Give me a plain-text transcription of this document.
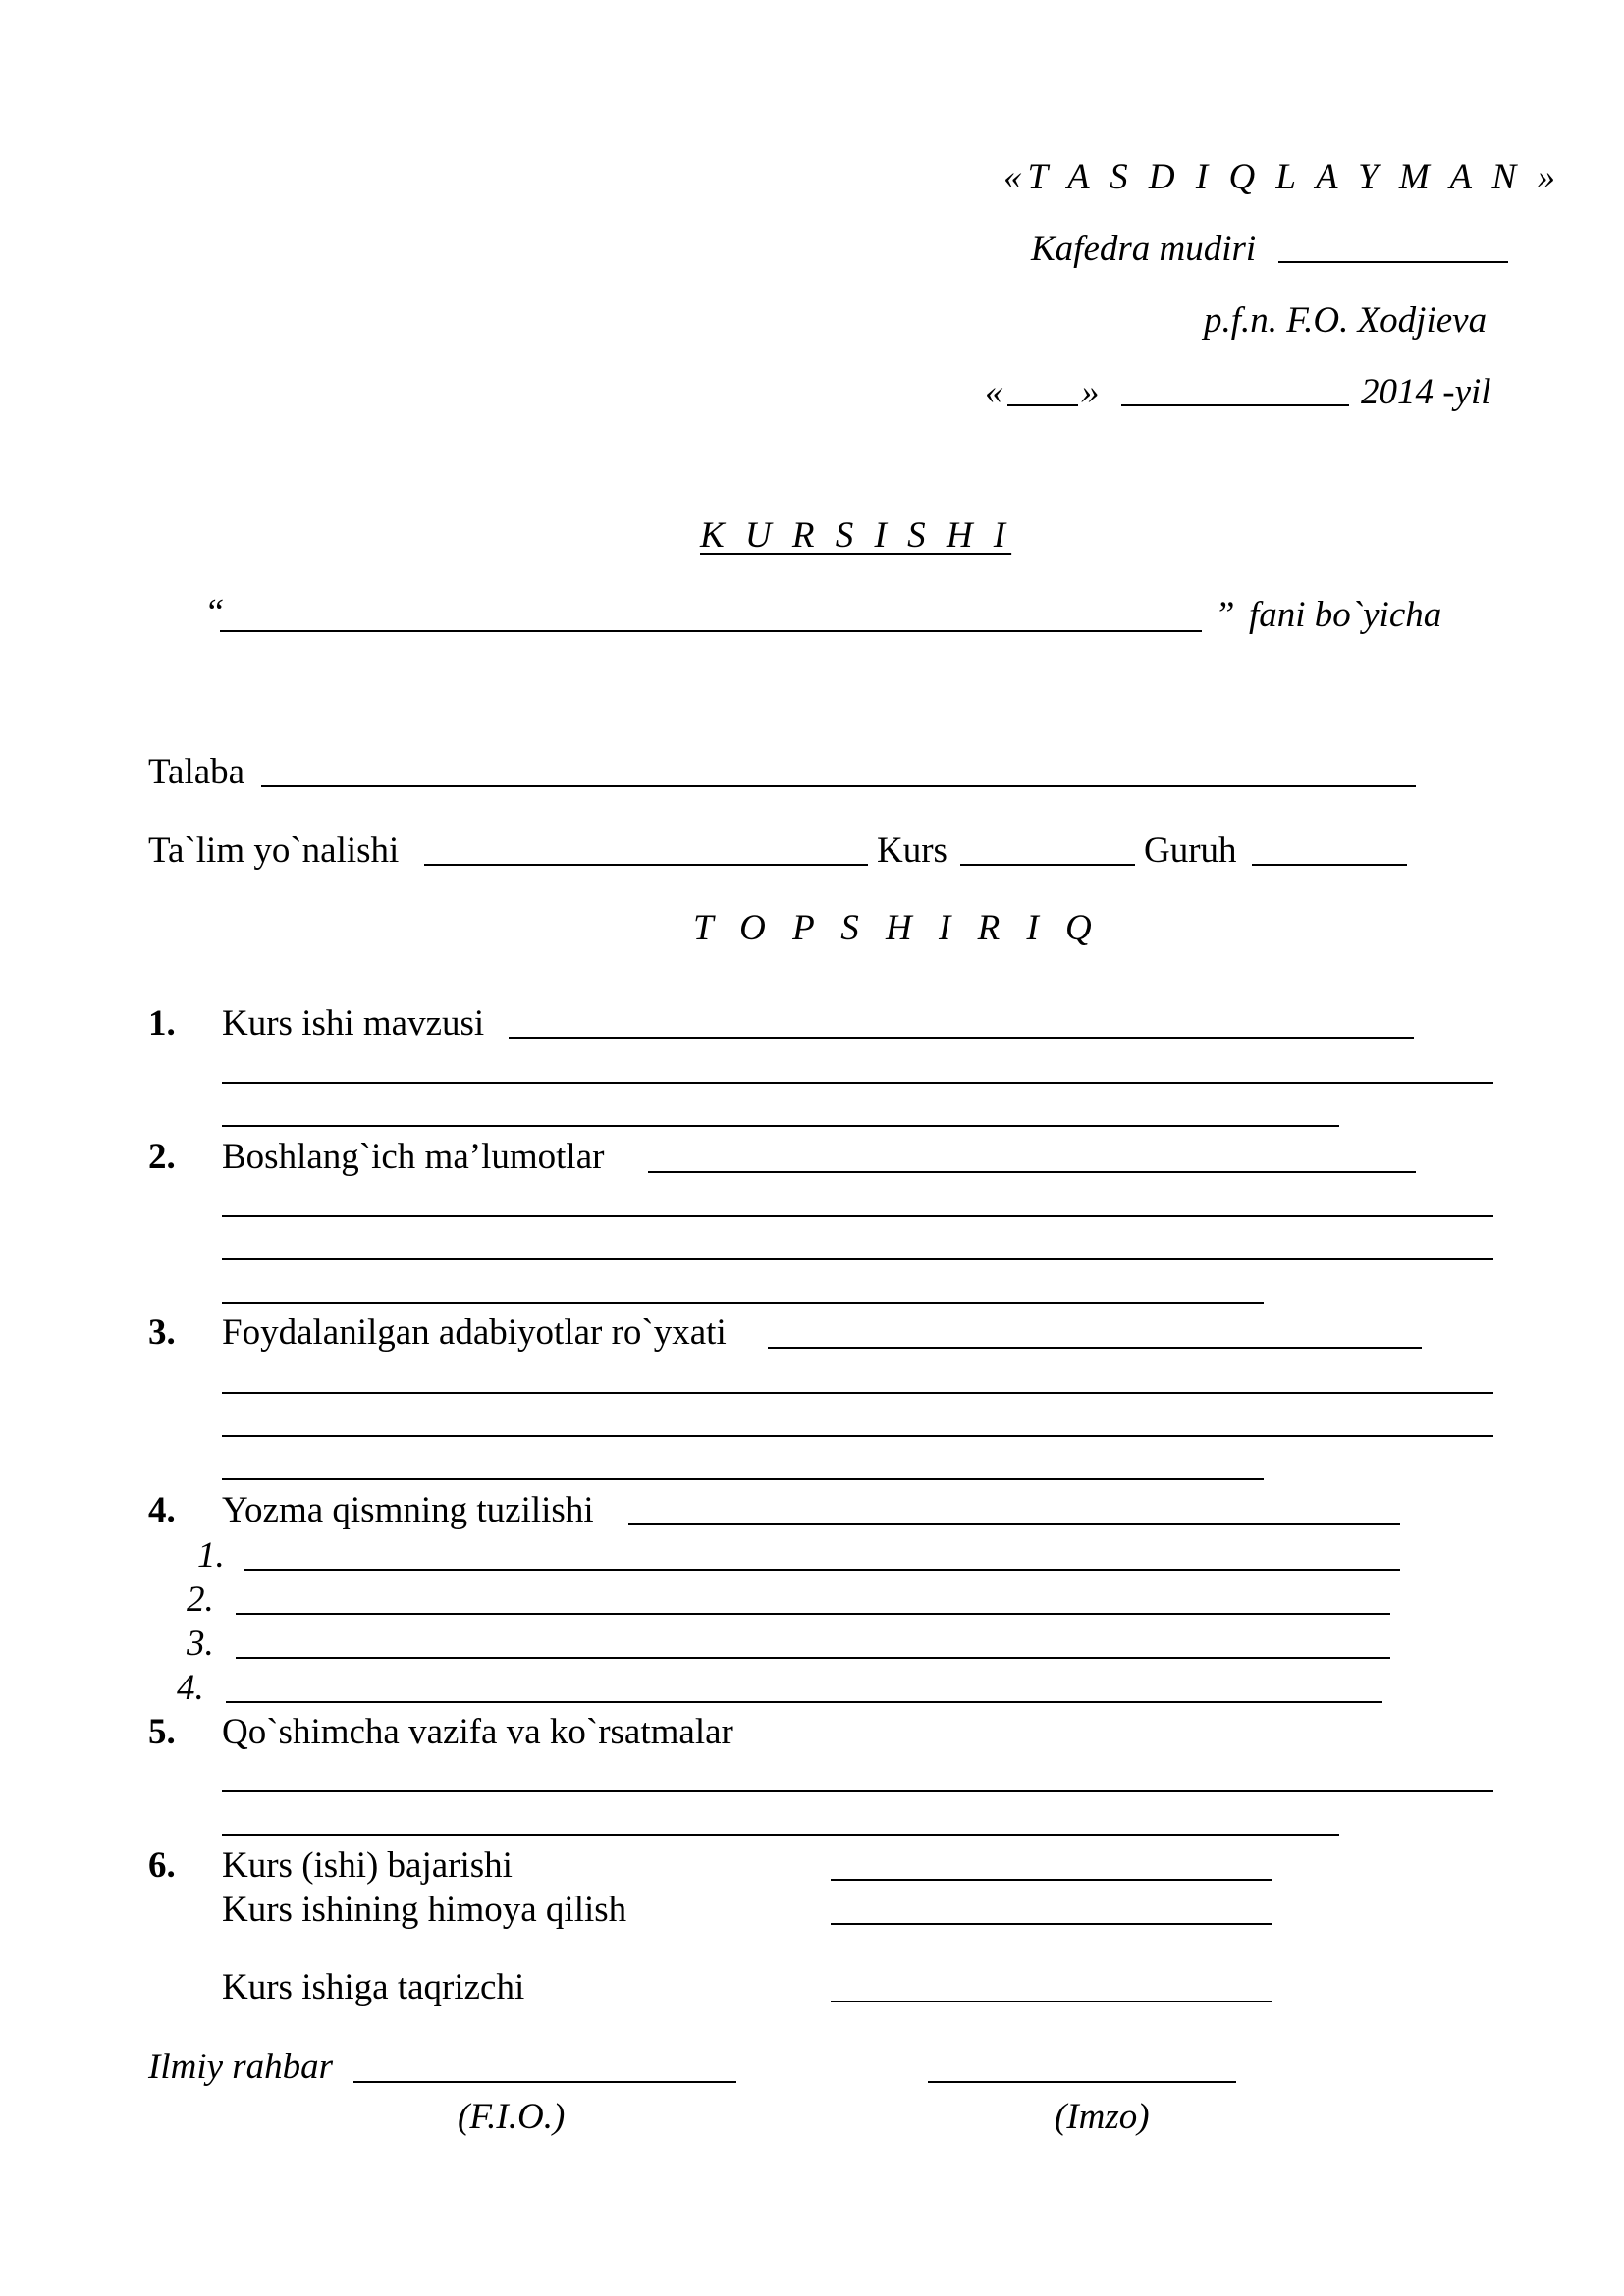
«T A S D I Q L A Y M A N »
Kafedra mudiri
p.f.n. F.O. Xodjieva
« »	2014 -yil
K U R S I S H I
“	” fani bo`yicha
Talaba
Ta`lim yo`nalishi	Kurs	Guruh
T O P S H I R I Q
1. Kurs ishi mavzusi
2. Boshlang`ich ma’lumotlar
3. Foydalanilgan adabiyotlar ro`yxati
4. Yozma qismning tuzilishi
1.
2.
3.
4.
5. Qo`shimcha vazifa va ko`rsatmalar
6. Kurs (ishi) bajarishi
Kurs ishining himoya qilish
Kurs ishiga taqrizchi
Ilmiy rahbar
(F.I.O.)	(Imzo)
